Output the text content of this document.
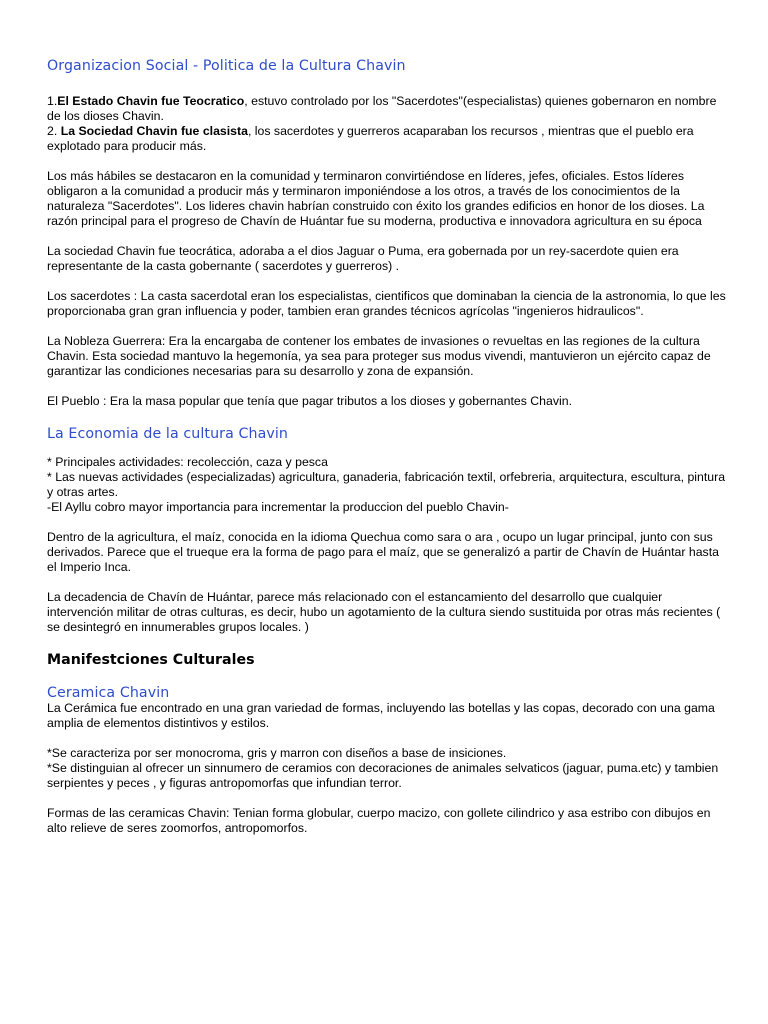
Organizacion Social - Politica de la Cultura Chavin

1.El Estado Chavin fue Teocratico, estuvo controlado por los "Sacerdotes"(especialistas) quienes gobernaron en nombre de los dioses Chavin.

2. La Sociedad Chavin fue clasista, los sacerdotes y guerreros acaparaban los recursos , mientras que el pueblo era explotado para producir más.

Los más hábiles se destacaron en la comunidad y terminaron convirtiéndose en líderes, jefes, oficiales. Estos líderes obligaron a la comunidad a producir más y terminaron imponiéndose a los otros, a través de los conocimientos de la naturaleza "Sacerdotes". Los lideres chavin habrían construido con éxito los grandes edificios en honor de los dioses. La razón principal para el progreso de Chavín de Huántar fue su moderna, productiva e innovadora agricultura en su época

La sociedad Chavin fue teocrática, adoraba a el dios Jaguar o Puma, era gobernada por un rey-sacerdote quien era representante de la casta gobernante ( sacerdotes y guerreros) .

Los sacerdotes : La casta sacerdotal eran los especialistas, cientificos que dominaban la ciencia de la astronomia, lo que les proporcionaba gran gran influencia y poder, tambien eran grandes técnicos agrícolas "ingenieros hidraulicos".

La Nobleza Guerrera: Era la encargaba de contener los embates de invasiones o revueltas en las regiones de la cultura Chavin. Esta sociedad mantuvo la hegemonía, ya sea para proteger sus modus vivendi, mantuvieron un ejército capaz de garantizar las condiciones necesarias para su desarrollo y zona de expansión.

El Pueblo : Era la masa popular que tenía que pagar tributos a los dioses y gobernantes Chavin.

La Economia de la cultura Chavin

* Principales actividades: recolección, caza y pesca

* Las nuevas actividades (especializadas) agricultura, ganaderia, fabricación textil, orfebreria, arquitectura, escultura, pintura y otras artes.

-El Ayllu cobro mayor importancia para incrementar la produccion del pueblo Chavin-

Dentro de la agricultura, el maíz, conocida en la idioma Quechua como sara o ara , ocupo un lugar principal, junto con sus derivados. Parece que el trueque era la forma de pago para el maíz, que se generalizó a partir de Chavín de Huántar hasta el Imperio Inca.

La decadencia de Chavín de Huántar, parece más relacionado con el estancamiento del desarrollo que cualquier intervención militar de otras culturas, es decir, hubo un agotamiento de la cultura siendo sustituida por otras más recientes ( se desintegró en innumerables grupos locales. )

Manifestciones Culturales
Ceramica Chavin

La Cerámica fue encontrado en una gran variedad de formas, incluyendo las botellas y las copas, decorado con una gama amplia de elementos distintivos y estilos.

*Se caracteriza por ser monocroma, gris y marron con diseños a base de insiciones.

*Se distinguian al ofrecer un sinnumero de ceramios con decoraciones de animales selvaticos (jaguar, puma.etc) y tambien serpientes y peces , y figuras antropomorfas que infundian terror.

Formas de las ceramicas Chavin: Tenian forma globular, cuerpo macizo, con gollete cilindrico y asa estribo con dibujos en alto relieve de seres zoomorfos, antropomorfos.
